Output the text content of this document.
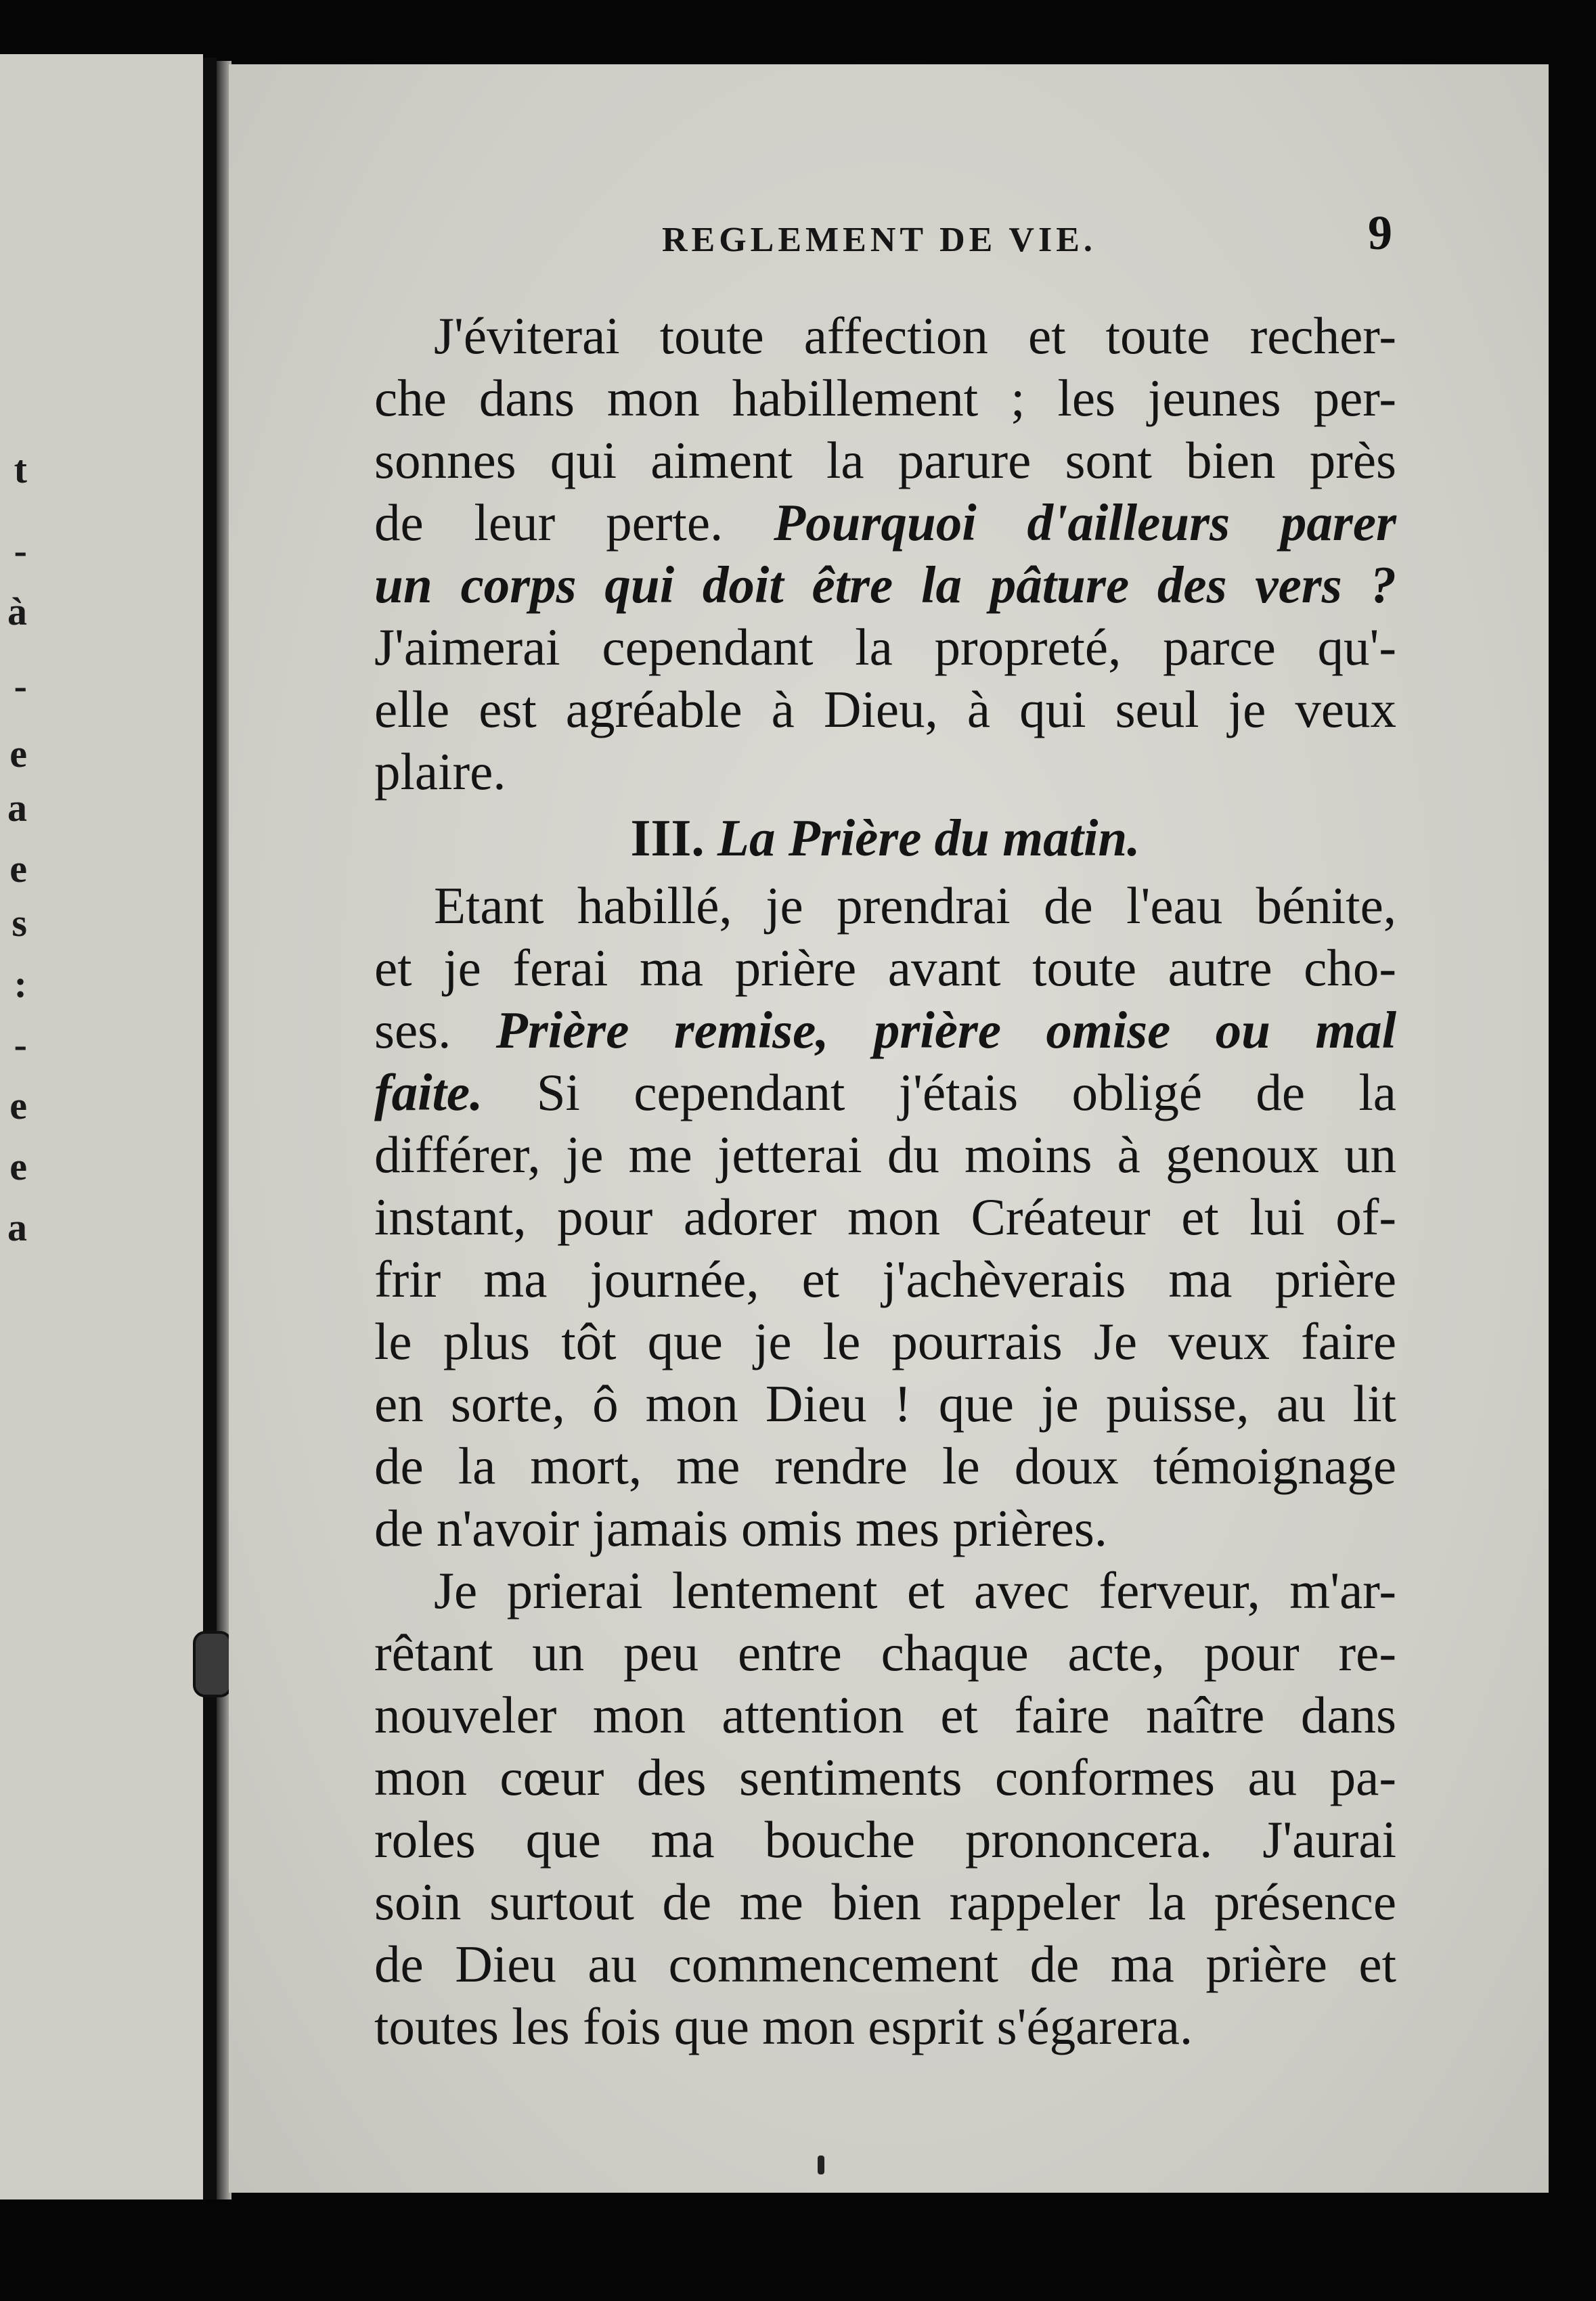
t
-
à
-
e
a
e
s
:
-
e
e
a
REGLEMENT DE VIE.	9
J'éviterai toute affection et toute recher-
che dans mon habillement ; les jeunes per-
sonnes qui aiment la parure sont bien près
de leur perte. Pourquoi d'ailleurs parer
un corps qui doit être la pâture des vers ?
J'aimerai cependant la propreté, parce qu'-
elle est agréable à Dieu, à qui seul je veux
plaire.
III. La Prière du matin.
Etant habillé, je prendrai de l'eau bénite,
et je ferai ma prière avant toute autre cho-
ses. Prière remise, prière omise ou mal
faite. Si cependant j'étais obligé de la
différer, je me jetterai du moins à genoux un
instant, pour adorer mon Créateur et lui of-
frir ma journée, et j'achèverais ma prière
le plus tôt que je le pourrais Je veux faire
en sorte, ô mon Dieu ! que je puisse, au lit
de la mort, me rendre le doux témoignage
de n'avoir jamais omis mes prières.
Je prierai lentement et avec ferveur, m'ar-
rêtant un peu entre chaque acte, pour re-
nouveler mon attention et faire naître dans
mon cœur des sentiments conformes au pa-
roles que ma bouche prononcera. J'aurai
soin surtout de me bien rappeler la présence
de Dieu au commencement de ma prière et
toutes les fois que mon esprit s'égarera.
